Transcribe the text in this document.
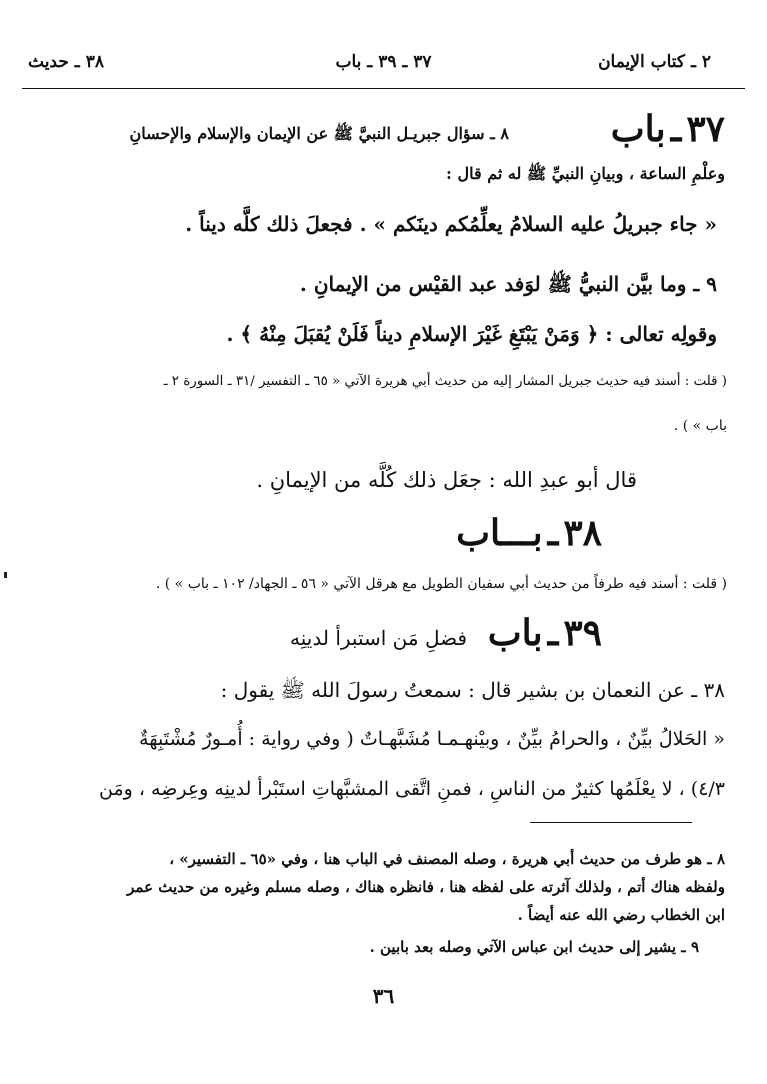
٢ ـ كتاب الإيمان
٣٧ ـ ٣٩ ـ باب
٣٨ ـ حديث
٣٧ ـ باب
٨ ـ سؤال جبريـل النبيَّ ﷺ عن الإيمان والإسلام والإحسانِ
وعلْمِ الساعة ، وبيانِ النبيِّ ﷺ له ثم قال :
« جاء جبريلُ عليه السلامُ يعلِّمُكم دينَكم » . فجعلَ ذلك كلَّه ديناً .
٩ ـ وما بيَّن النبيُّ ﷺ لوَفد عبد القيْس من الإيمانِ .
وقولِه تعالى : ﴿ وَمَنْ يَبْتَغِ غَيْرَ الإسلامِ ديناً فَلَنْ يُقبَلَ مِنْهُ ﴾ .
( قلت : أسند فيه حديث جبريل المشار إليه من حديث أبي هريرة الآتي « ٦٥ ـ التفسير /٣١ ـ السورة ٢ ـ
باب » ) .
قال أبو عبدِ الله : جعَل ذلك كُلَّه من الإيمانِ .
٣٨ ـ بـــاب
( قلت : أسند فيه طرفاً من حديث أبي سفيان الطويل مع هرقل الآتي « ٥٦ ـ الجهاد/ ١٠٢ ـ باب » ) .
٣٩ ـ باب
فضلِ مَن استبرأ لدينِه
٣٨ ـ عن النعمان بن بشير قال : سمعتُ رسولَ الله ﷺ يقول :
« الحَلالُ بيِّنٌ ، والحرامُ بيِّنٌ ، وبيْنهـمـا مُشَبَّهـاتٌ ( وفي رواية : أُمـورٌ مُشْتَبِهَةٌ
٤/٣) ، لا يعْلَمُها كثيرٌ من الناسِ ، فمنِ اتَّقى المشبَّهاتِ استَبْرأ لدينِه وعِرضِه ، ومَن
٨ ـ هو طرف من حديث أبي هريرة ، وصله المصنف في الباب هنا ، وفي «٦٥ ـ التفسير» ،
ولفظه هناك أتم ، ولذلك آثرته على لفظه هنا ، فانظره هناك ، وصله مسلم وغيره من حديث عمر
ابن الخطاب رضي الله عنه أيضاً .
٩ ـ يشير إلى حديث ابن عباس الآتي وصله بعد بابين .
٣٦
